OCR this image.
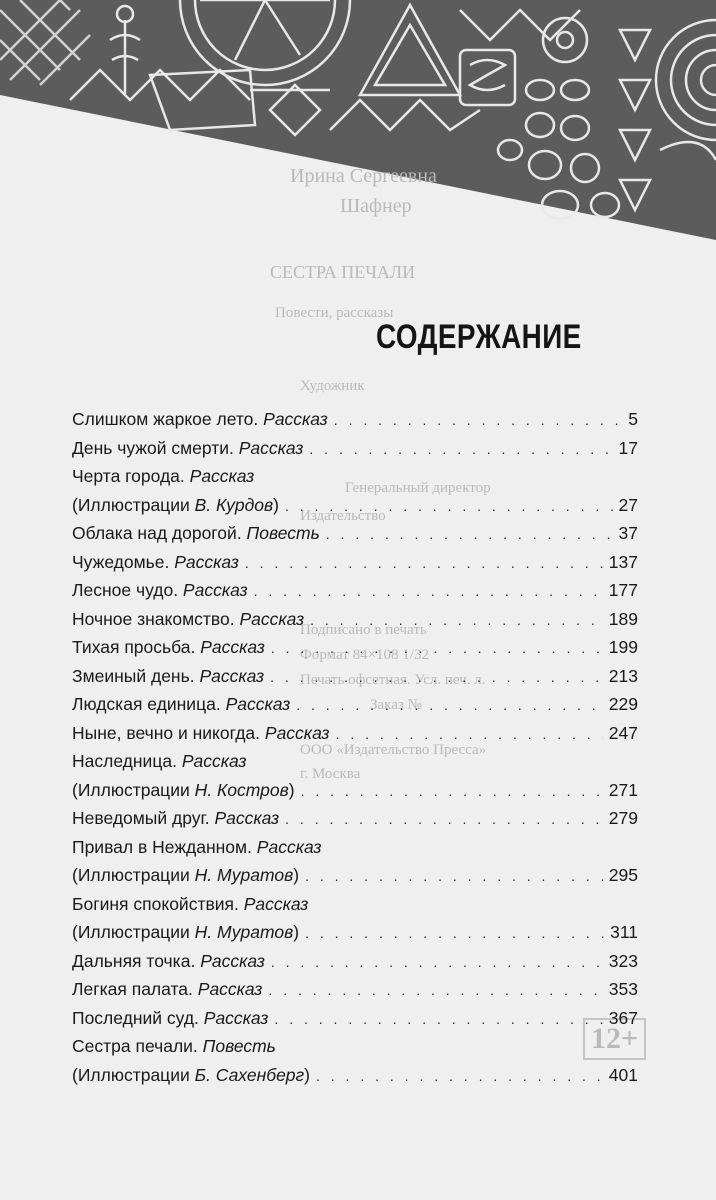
Ирина Сергеевна
Шафнер
СЕСТРА ПЕЧАЛИ
Повести, рассказы
Художник
Генеральный директор
Издательство
Подписано в печать
Формат 84×108 1/32
Печать офсетная. Усл. печ. л.
Заказ №
ООО «Издательство Пресса»
г. Москва
12+
СОДЕРЖАНИЕ
Слишком жаркое лето. Рассказ . . .	5
День чужой смерти. Рассказ . . .	17
Черта города. Рассказ
(Иллюстрации В. Курдов) . . .	27
Облака над дорогой. Повесть . . .	37
Чужедомье. Рассказ . . .	137
Лесное чудо. Рассказ . . .	177
Ночное знакомство. Рассказ . . .	189
Тихая просьба. Рассказ . . .	199
Змеиный день. Рассказ . . .	213
Людская единица. Рассказ . . .	229
Ныне, вечно и никогда. Рассказ . . .	247
Наследница. Рассказ
(Иллюстрации Н. Костров) . . .	271
Неведомый друг. Рассказ . . .	279
Привал в Нежданном. Рассказ
(Иллюстрации Н. Муратов) . . .	295
Богиня спокойствия. Рассказ
(Иллюстрации Н. Муратов) . . .	311
Дальняя точка. Рассказ . . .	323
Легкая палата. Рассказ . . .	353
Последний суд. Рассказ . . .	367
Сестра печали. Повесть
(Иллюстрации Б. Сахенберг) . . .	401
